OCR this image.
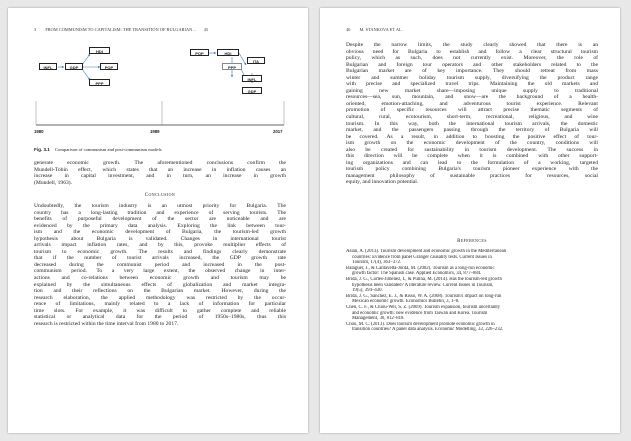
3 FROM COMMUNISM TO CAPITALISM: THE TRANSITION OF BULGARIAN… 45
HDI
INFL	GDP	POP
PPP
POP	HDI
ITA
PPP
INFL
GDP
1980	1989	2017
Fig. 3.1 Comparison of communism and post-communism models
generate economic growth. The aforementioned conclusions confirm the
Mundell-Tobin effect, which states that an increase in inflation causes an
increase in capital investment, and in turn, an increase in growth
(Mundell, 1963).
Conclusion
Undoubtedly, the tourism industry is an utmost priority for Bulgaria. The
country has a long-lasting tradition and experience of serving tourists. The
benefits of purposeful development of the sector are noticeable and are
evidenced by the primary data analysis. Exploring the link between tour-
ism and the economic development of Bulgaria, the tourism-led growth
hypothesis about Bulgaria is validated. Changes in international tourist
arrivals impact inflation rates, and by this, provoke multiplier effects of
tourism to economic growth. The results and findings clearly demonstrate
that if the number of tourist arrivals increased, the GDP growth rate
decreased during the communist period and increased in the post-
communism period. To a very large extent, the observed change in inter-
actions and co-relations between economic growth and tourism may be
explained by the simultaneous effects of globalization and market integra-
tion and their reflections on the Bulgarian market. However, during the
research elaboration, the applied methodology was restricted by the occur-
rence of limitations, mainly related to a lack of information for particular
time slots. For example, it was difficult to gather complete and reliable
statistical or analytical data for the period of 1950s–1980s, thus this
research is restricted within the time interval from 1980 to 2017.
46 M. STANKOVA ET AL.
Despite the narrow limits, the study clearly showed that there is an
obvious need for Bulgaria to establish and follow a clear structural tourism
policy, which as such, does not currently exist. Moreover, the role of
Bulgarian and foreign tour operators and other stakeholders related to the
Bulgarian market are of key importance. They should retreat from mass
winter and summer holiday tourism supply, diversifying the product range
with precise and specialized travel trips. Maintaining the old markets and
gaining new market share—imposing unique supply to traditional
resources—sea, sun, mountain, and snow—are the background of a health-
oriented, emotion-attaching, and adventurous tourist experience. Relevant
promotion of specific resources will attract precise thematic segments of
cultural, rural, ecotourism, short-term, recreational, religious, and wine
tourism. In this way, both the international tourism arrivals, the domestic
market, and the passengers passing through the territory of Bulgaria will
be covered. As a result, in addition to boosting the positive effect of tour-
ism growth on the economic development of the country, conditions will
also be created for sustainability in tourism development. The success in
this direction will be complete when it is combined with other support-
ing organizations and can lead to the formulation of a working, targeted
tourism policy combining Bulgaria's tourism pioneer experience with the
management philosophy of sustainable practices for resources, social
equity, and innovation potential.
References
Aslan, A. (2013). Tourism development and economic growth in the Mediterranean
countries: Evidence from panel Granger causality tests. Current Issues in
Tourism, 17(4), 363–372.
Balaguer, J., & Cantavella-Jordá, M. (2002). Tourism as a long-run economic
growth factor: The Spanish case. Applied Economics, 34, 877–884.
Brida, J. G., Cortes-Jimenez, I., & Pulina, M. (2014). Has the tourism-led growth
hypothesis been validated? A literature review. Current Issues in Tourism,
19(5), 394–430.
Brida, J. G., Sánchez, E. J., & Risso, W. A. (2008). Tourism's impact on long-run
Mexican economic growth. Economics Bulletin, 3, 1–8.
Chen, C. F., & Chiou-Wei, S. Z. (2009). Tourism expansion, tourism uncertainty
and economic growth: new evidence from Taiwan and Korea. Tourism
Management, 30, 812–818.
Chou, M. C. (2013). Does tourism development promote economic growth in
transition countries? A panel data analysis. Economic Modelling, 33, 226–232.
